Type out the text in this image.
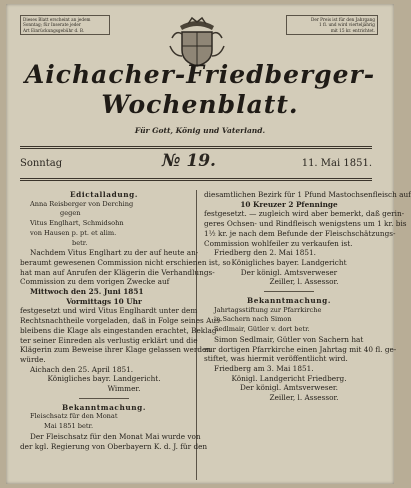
Dieses Blatt erscheint an jedem
Sonntag; für Inserate jeder
Art Einrückungsgebühr d. B.
Der Preis ist für den Jahrgang
1 fl. und wird vierteljährig
mit 15 kr. entrichtet.
Aichacher-Friedberger-
Wochenblatt.
Für Gott, König und Vaterland.
Sonntag	№ 19.	11. Mai 1851.
Edictalladung.
Anna Reisberger von Derching
gegen
Vitus Englhart, Schmidsohn
von Hausen p. pt. et alim.
betr.
Nachdem Vitus Englhart zu der auf heute an-
beraumt gewesenen Commission nicht erschienen ist, so
hat man auf Anrufen der Klägerin die Verhandlungs-
Commission zu dem vorigen Zwecke auf
Mittwoch den 25. Juni 1851
Vormittags 10 Uhr
festgesetzt und wird Vitus Englhardt unter dem
Rechtsnachtheile vorgeladen, daß in Folge seines Aus-
bleibens die Klage als eingestanden erachtet, Beklag-
ter seiner Einreden als verlustig erklärt und die
Klägerin zum Beweise ihrer Klage gelassen werden
würde.
Aichach den 25. April 1851.
Königliches bayr. Landgericht.
Wimmer.
Bekanntmachung.
Fleischsatz für den Monat
Mai 1851 betr.
Der Fleischsatz für den Monat Mai wurde von
der kgl. Regierung von Oberbayern K. d. J. für den
diesamtlichen Bezirk für 1 Pfund Mastochsenfleisch auf
10 Kreuzer 2 Pfenninge
festgesetzt. — zugleich wird aber bemerkt, daß gerin-
geres Ochsen- und Rindfleisch wenigstens um 1 kr. bis
1½ kr. je nach dem Befunde der Fleischschätzungs-
Commission wohlfeiler zu verkaufen ist.
Friedberg den 2. Mai 1851.
Königliches bayer. Landgericht
Der königl. Amtsverweser
Zeiller, l. Assessor.
Bekanntmachung.
Jahrtagsstiftung zur Pfarrkirche
in Sachern nach Simon
Sedlmair, Gütler v. dort betr.
Simon Sedlmair, Gütler von Sachern hat
zur dortigen Pfarrkirche einen Jahrtag mit 40 fl. ge-
stiftet, was hiermit veröffentlicht wird.
Friedberg am 3. Mai 1851.
Königl. Landgericht Friedberg.
Der königl. Amtsverweser.
Zeiller, l. Assessor.
